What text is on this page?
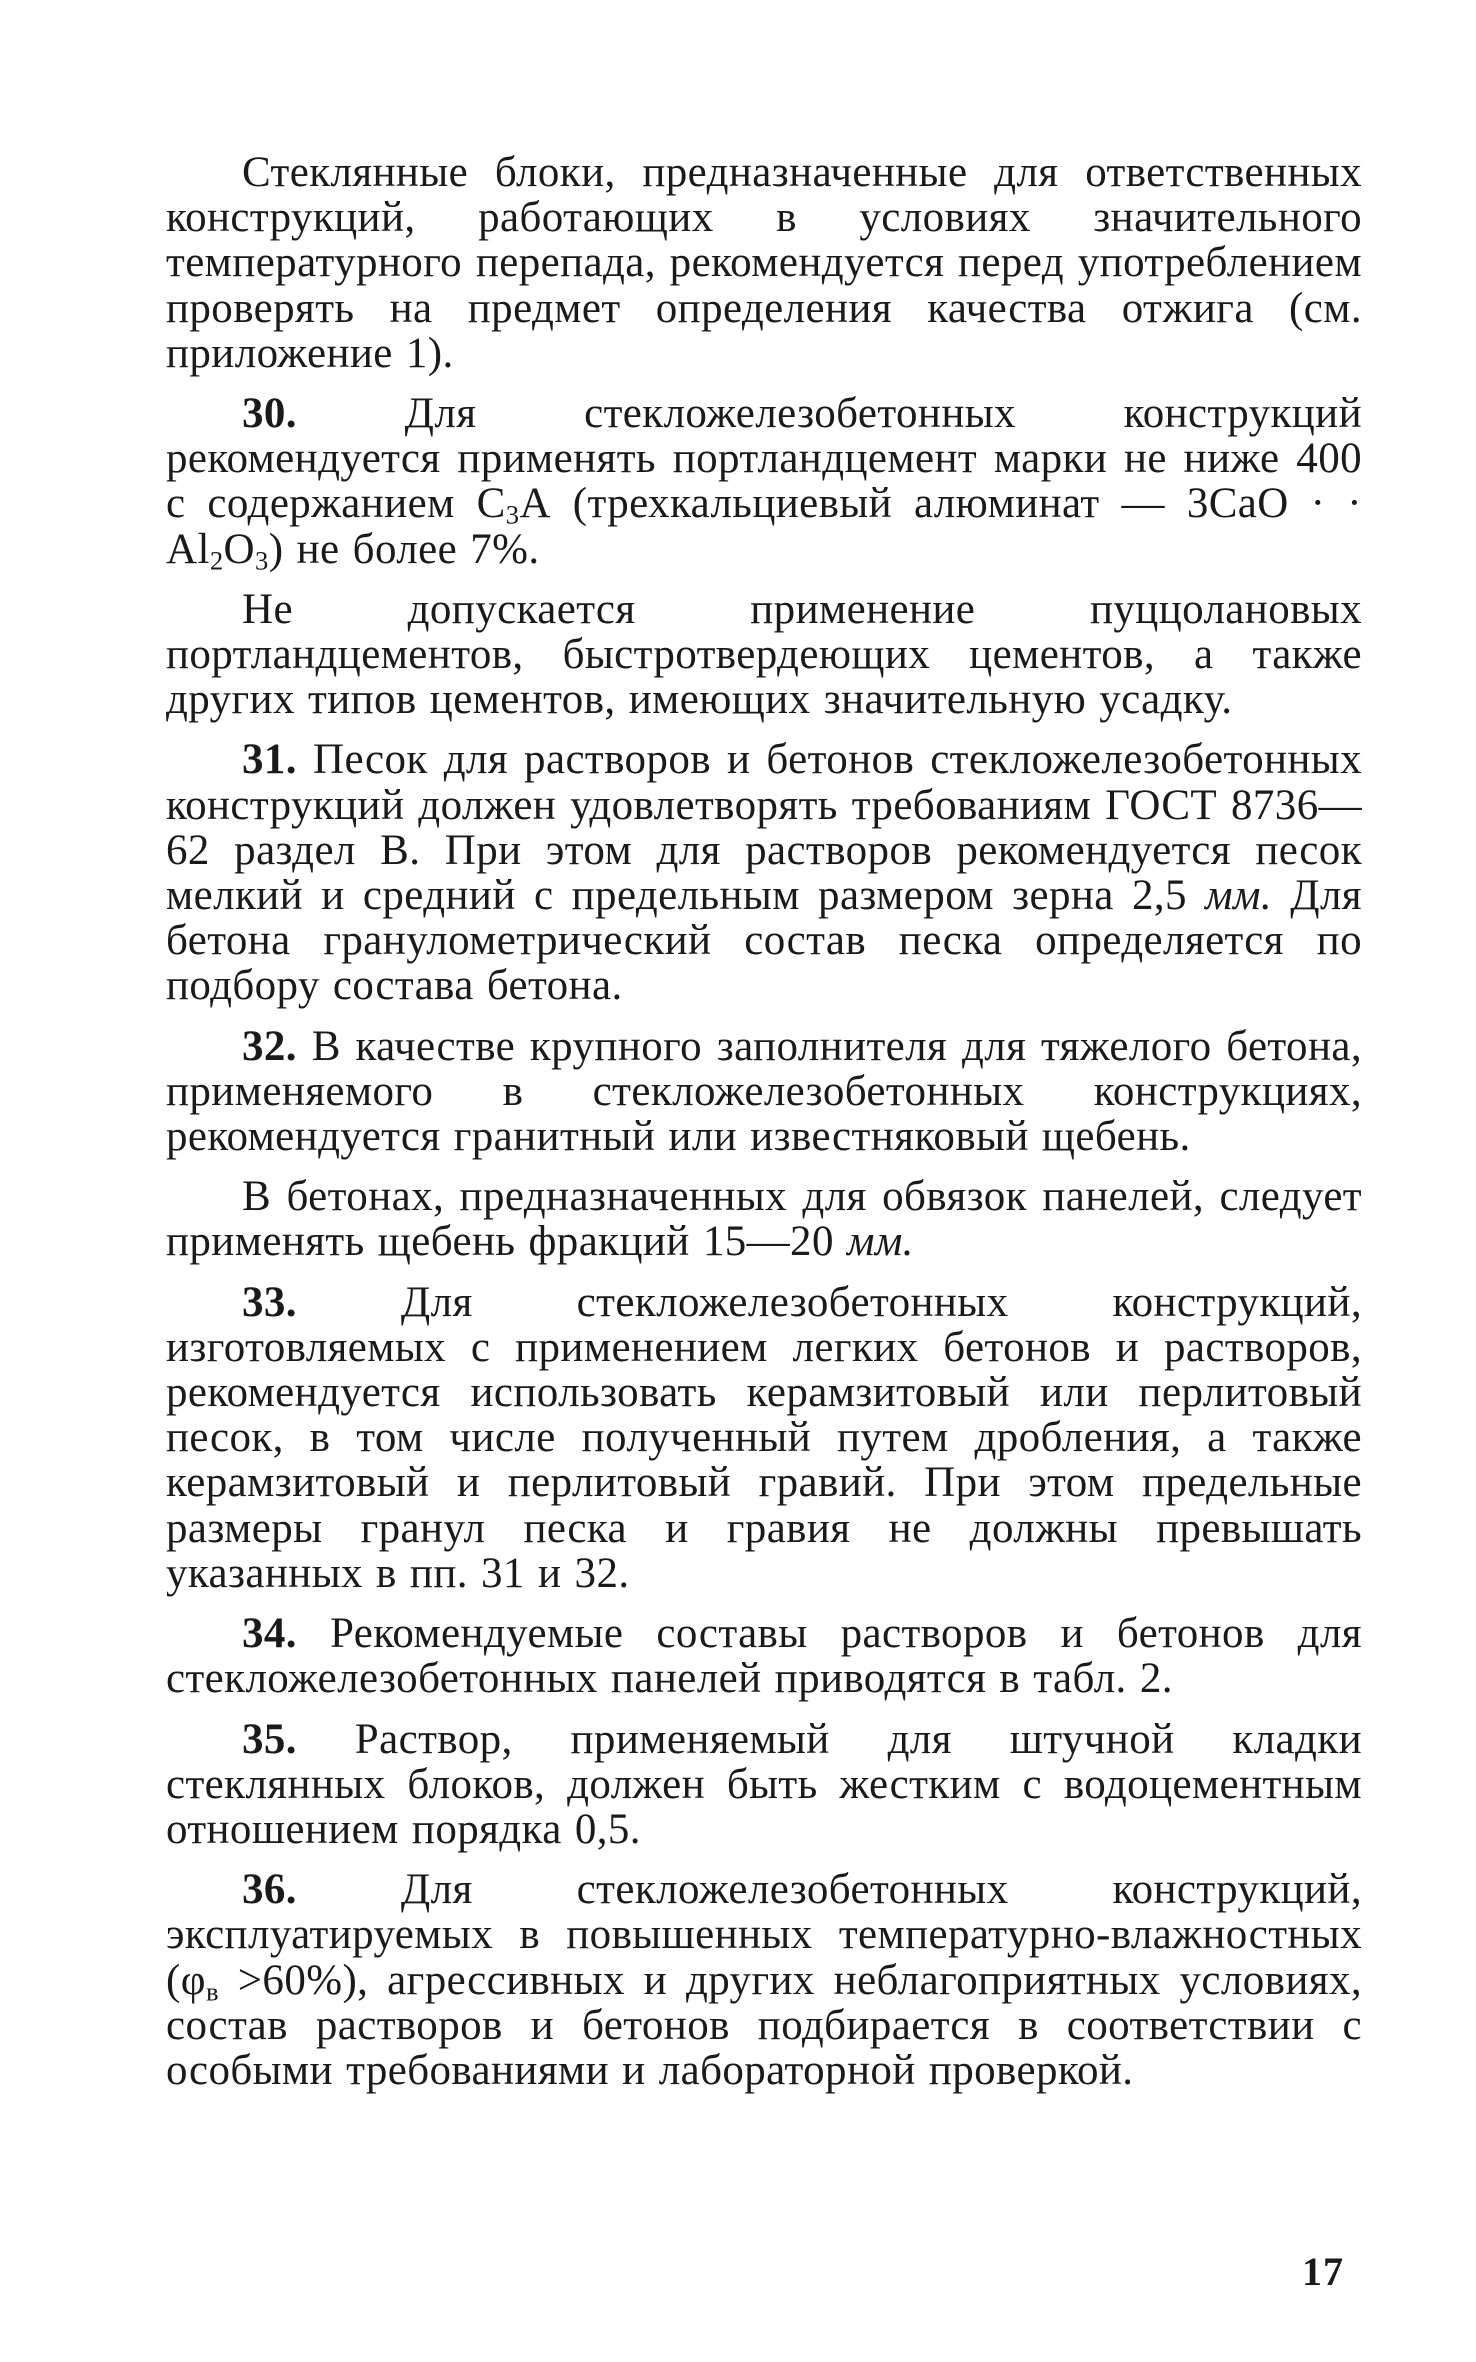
Стеклянные блоки, предназначенные для ответственных конструкций, работающих в условиях значительного температурного перепада, рекомендуется перед употреблением проверять на предмет определения качества отжига (см. приложение 1).

30. Для стекложелезобетонных конструкций рекомендуется применять портландцемент марки не ниже 400 с содержанием $С_3А$ (трехкальциевый алюминат — 3СаО · · $Al_2O_3$) не более 7%.

Не допускается применение пуццолановых портландцементов, быстротвердеющих цементов, а также других типов цементов, имеющих значительную усадку.

31. Песок для растворов и бетонов стекложелезобетонных конструкций должен удовлетворять требованиям ГОСТ 8736—62 раздел В. При этом для растворов рекомендуется песок мелкий и средний с предельным размером зерна 2,5 мм. Для бетона гранулометрический состав песка определяется по подбору состава бетона.

32. В качестве крупного заполнителя для тяжелого бетона, применяемого в стекложелезобетонных конструкциях, рекомендуется гранитный или известняковый щебень.

В бетонах, предназначенных для обвязок панелей, следует применять щебень фракций 15—20 мм.

33. Для стекложелезобетонных конструкций, изготовляемых с применением легких бетонов и растворов, рекомендуется использовать керамзитовый или перлитовый песок, в том числе полученный путем дробления, а также керамзитовый и перлитовый гравий. При этом предельные размеры гранул песка и гравия не должны превышать указанных в пп. 31 и 32.

34. Рекомендуемые составы растворов и бетонов для стекложелезобетонных панелей приводятся в табл. 2.

35. Раствор, применяемый для штучной кладки стеклянных блоков, должен быть жестким с водоцементным отношением порядка 0,5.

36. Для стекложелезобетонных конструкций, эксплуатируемых в повышенных температурно-влажностных $(\varphi_в >60\%)$, агрессивных и других неблагоприятных условиях, состав растворов и бетонов подбирается в соответствии с особыми требованиями и лабораторной проверкой.

17
